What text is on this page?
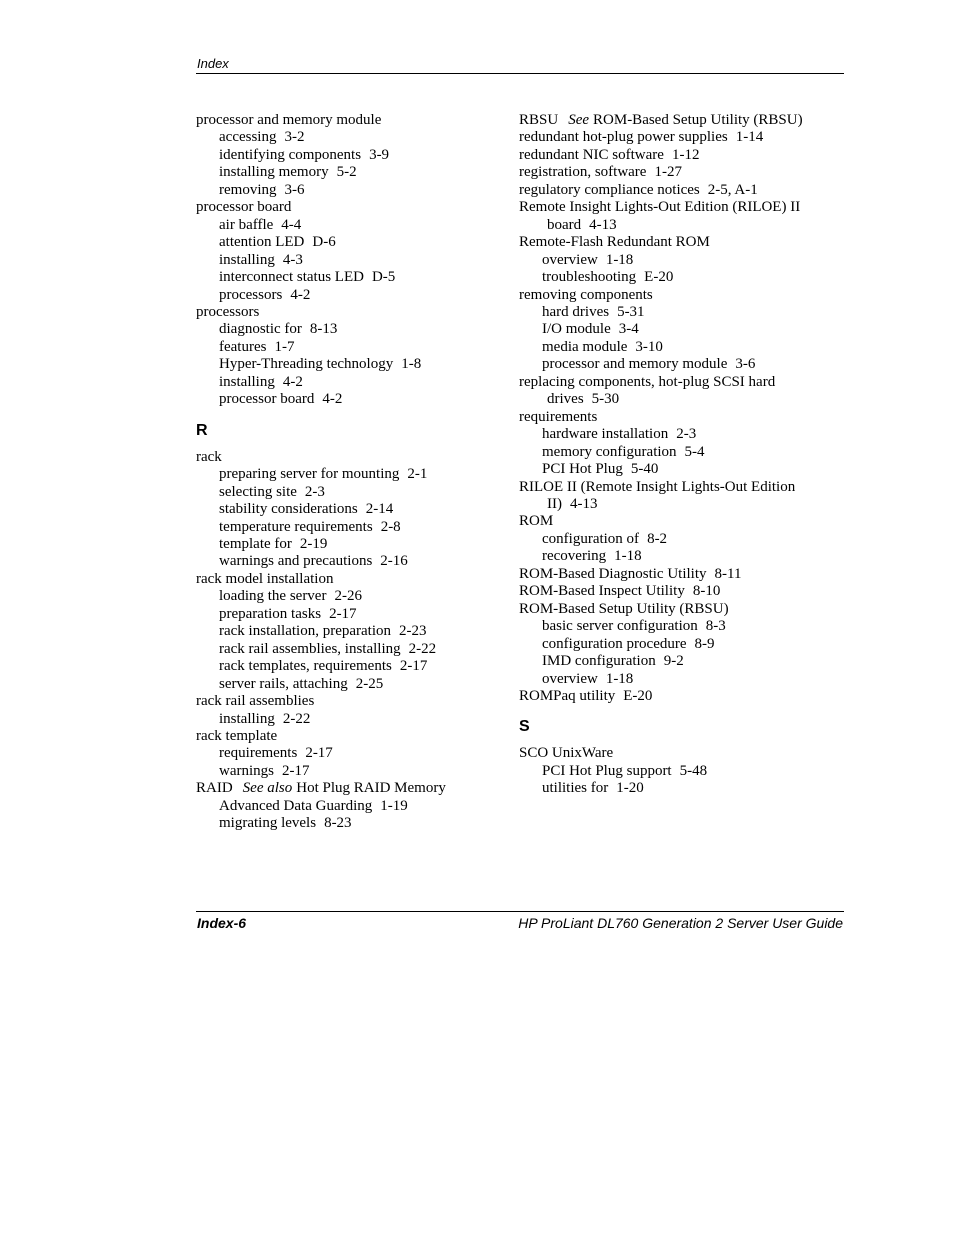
Index
processor and memory module
accessing 3-2
identifying components 3-9
installing memory 5-2
removing 3-6
processor board
air baffle 4-4
attention LED D-6
installing 4-3
interconnect status LED D-5
processors 4-2
processors
diagnostic for 8-13
features 1-7
Hyper-Threading technology 1-8
installing 4-2
processor board 4-2
R
rack
preparing server for mounting 2-1
selecting site 2-3
stability considerations 2-14
temperature requirements 2-8
template for 2-19
warnings and precautions 2-16
rack model installation
loading the server 2-26
preparation tasks 2-17
rack installation, preparation 2-23
rack rail assemblies, installing 2-22
rack templates, requirements 2-17
server rails, attaching 2-25
rack rail assemblies
installing 2-22
rack template
requirements 2-17
warnings 2-17
RAID See also Hot Plug RAID Memory
Advanced Data Guarding 1-19
migrating levels 8-23
RBSU See ROM-Based Setup Utility (RBSU)
redundant hot-plug power supplies 1-14
redundant NIC software 1-12
registration, software 1-27
regulatory compliance notices 2-5, A-1
Remote Insight Lights-Out Edition (RILOE) II board 4-13
Remote-Flash Redundant ROM
overview 1-18
troubleshooting E-20
removing components
hard drives 5-31
I/O module 3-4
media module 3-10
processor and memory module 3-6
replacing components, hot-plug SCSI hard drives 5-30
requirements
hardware installation 2-3
memory configuration 5-4
PCI Hot Plug 5-40
RILOE II (Remote Insight Lights-Out Edition II) 4-13
ROM
configuration of 8-2
recovering 1-18
ROM-Based Diagnostic Utility 8-11
ROM-Based Inspect Utility 8-10
ROM-Based Setup Utility (RBSU)
basic server configuration 8-3
configuration procedure 8-9
IMD configuration 9-2
overview 1-18
ROMPaq utility E-20
S
SCO UnixWare
PCI Hot Plug support 5-48
utilities for 1-20
Index-6	HP ProLiant DL760 Generation 2 Server User Guide
